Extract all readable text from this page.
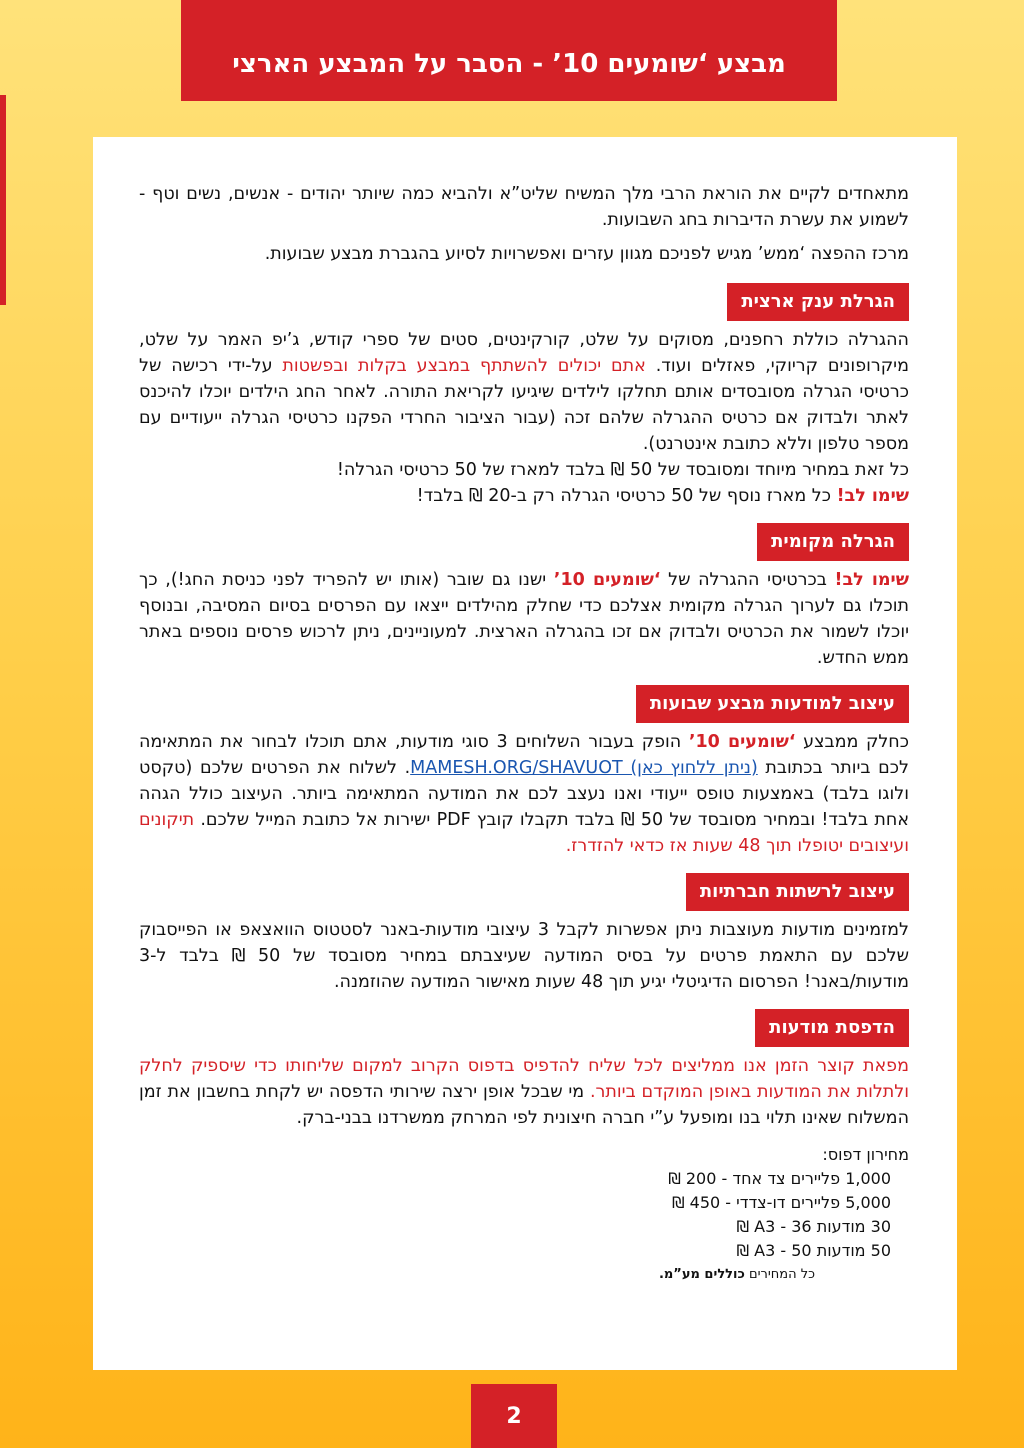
מבצע ‘שומעים 10’ - הסבר על המבצע הארצי

מתאחדים לקיים את הוראת הרבי מלך המשיח שליט”א ולהביא כמה שיותר יהודים - אנשים, נשים וטף - לשמוע את עשרת הדיברות בחג השבועות.

מרכז ההפצה ‘ממש’ מגיש לפניכם מגוון עזרים ואפשרויות לסיוע בהגברת מבצע שבועות.

הגרלת ענק ארצית

ההגרלה כוללת רחפנים, מסוקים על שלט, קורקינטים, סטים של ספרי קודש, ג’יפ האמר על שלט, מיקרופונים קריוקי, פאזלים ועוד. אתם יכולים להשתתף במבצע בקלות ובפשטות על-ידי רכישה של כרטיסי הגרלה מסובסדים אותם תחלקו לילדים שיגיעו לקריאת התורה. לאחר החג הילדים יוכלו להיכנס לאתר ולבדוק אם כרטיס ההגרלה שלהם זכה (עבור הציבור החרדי הפקנו כרטיסי הגרלה ייעודיים עם מספר טלפון וללא כתובת אינטרנט).

כל זאת במחיר מיוחד ומסובסד של 50 ₪ בלבד למארז של 50 כרטיסי הגרלה!

שימו לב! כל מארז נוסף של 50 כרטיסי הגרלה רק ב-20 ₪ בלבד!

הגרלה מקומית

שימו לב! בכרטיסי ההגרלה של ‘שומעים 10’ ישנו גם שובר (אותו יש להפריד לפני כניסת החג!), כך תוכלו גם לערוך הגרלה מקומית אצלכם כדי שחלק מהילדים ייצאו עם הפרסים בסיום המסיבה, ובנוסף יוכלו לשמור את הכרטיס ולבדוק אם זכו בהגרלה הארצית. למעוניינים, ניתן לרכוש פרסים נוספים באתר ממש החדש.

עיצוב למודעות מבצע שבועות

כחלק ממבצע ‘שומעים 10’ הופק בעבור השלוחים 3 סוגי מודעות, אתם תוכלו לבחור את המתאימה לכם ביותר בכתובת MAMESH.ORG/SHAVUOT (ניתן ללחוץ כאן). לשלוח את הפרטים שלכם (טקסט ולוגו בלבד) באמצעות טופס ייעודי ואנו נעצב לכם את המודעה המתאימה ביותר. העיצוב כולל הגהה אחת בלבד! ובמחיר מסובסד של 50 ₪ בלבד תקבלו קובץ PDF ישירות אל כתובת המייל שלכם. תיקונים ועיצובים יטופלו תוך 48 שעות אז כדאי להזדרז.

עיצוב לרשתות חברתיות

למזמינים מודעות מעוצבות ניתן אפשרות לקבל 3 עיצובי מודעות-באנר לסטטוס הוואצאפ או הפייסבוק שלכם עם התאמת פרטים על בסיס המודעה שעיצבתם במחיר מסובסד של 50 ₪ בלבד ל-3 מודעות/באנר! הפרסום הדיגיטלי יגיע תוך 48 שעות מאישור המודעה שהוזמנה.

הדפסת מודעות

מפאת קוצר הזמן אנו ממליצים לכל שליח להדפיס בדפוס הקרוב למקום שליחותו כדי שיספיק לחלק ולתלות את המודעות באופן המוקדם ביותר. מי שבכל אופן ירצה שירותי הדפסה יש לקחת בחשבון את זמן המשלוח שאינו תלוי בנו ומופעל ע”י חברה חיצונית לפי המרחק ממשרדנו בבני-ברק.

מחירון דפוס:
1,000 פליירים צד אחד - 200 ₪
5,000 פליירים דו-צדדי - 450 ₪
30 מודעות A3 - 36 ₪
50 מודעות A3 - 50 ₪
כל המחירים כוללים מע”מ.
2
